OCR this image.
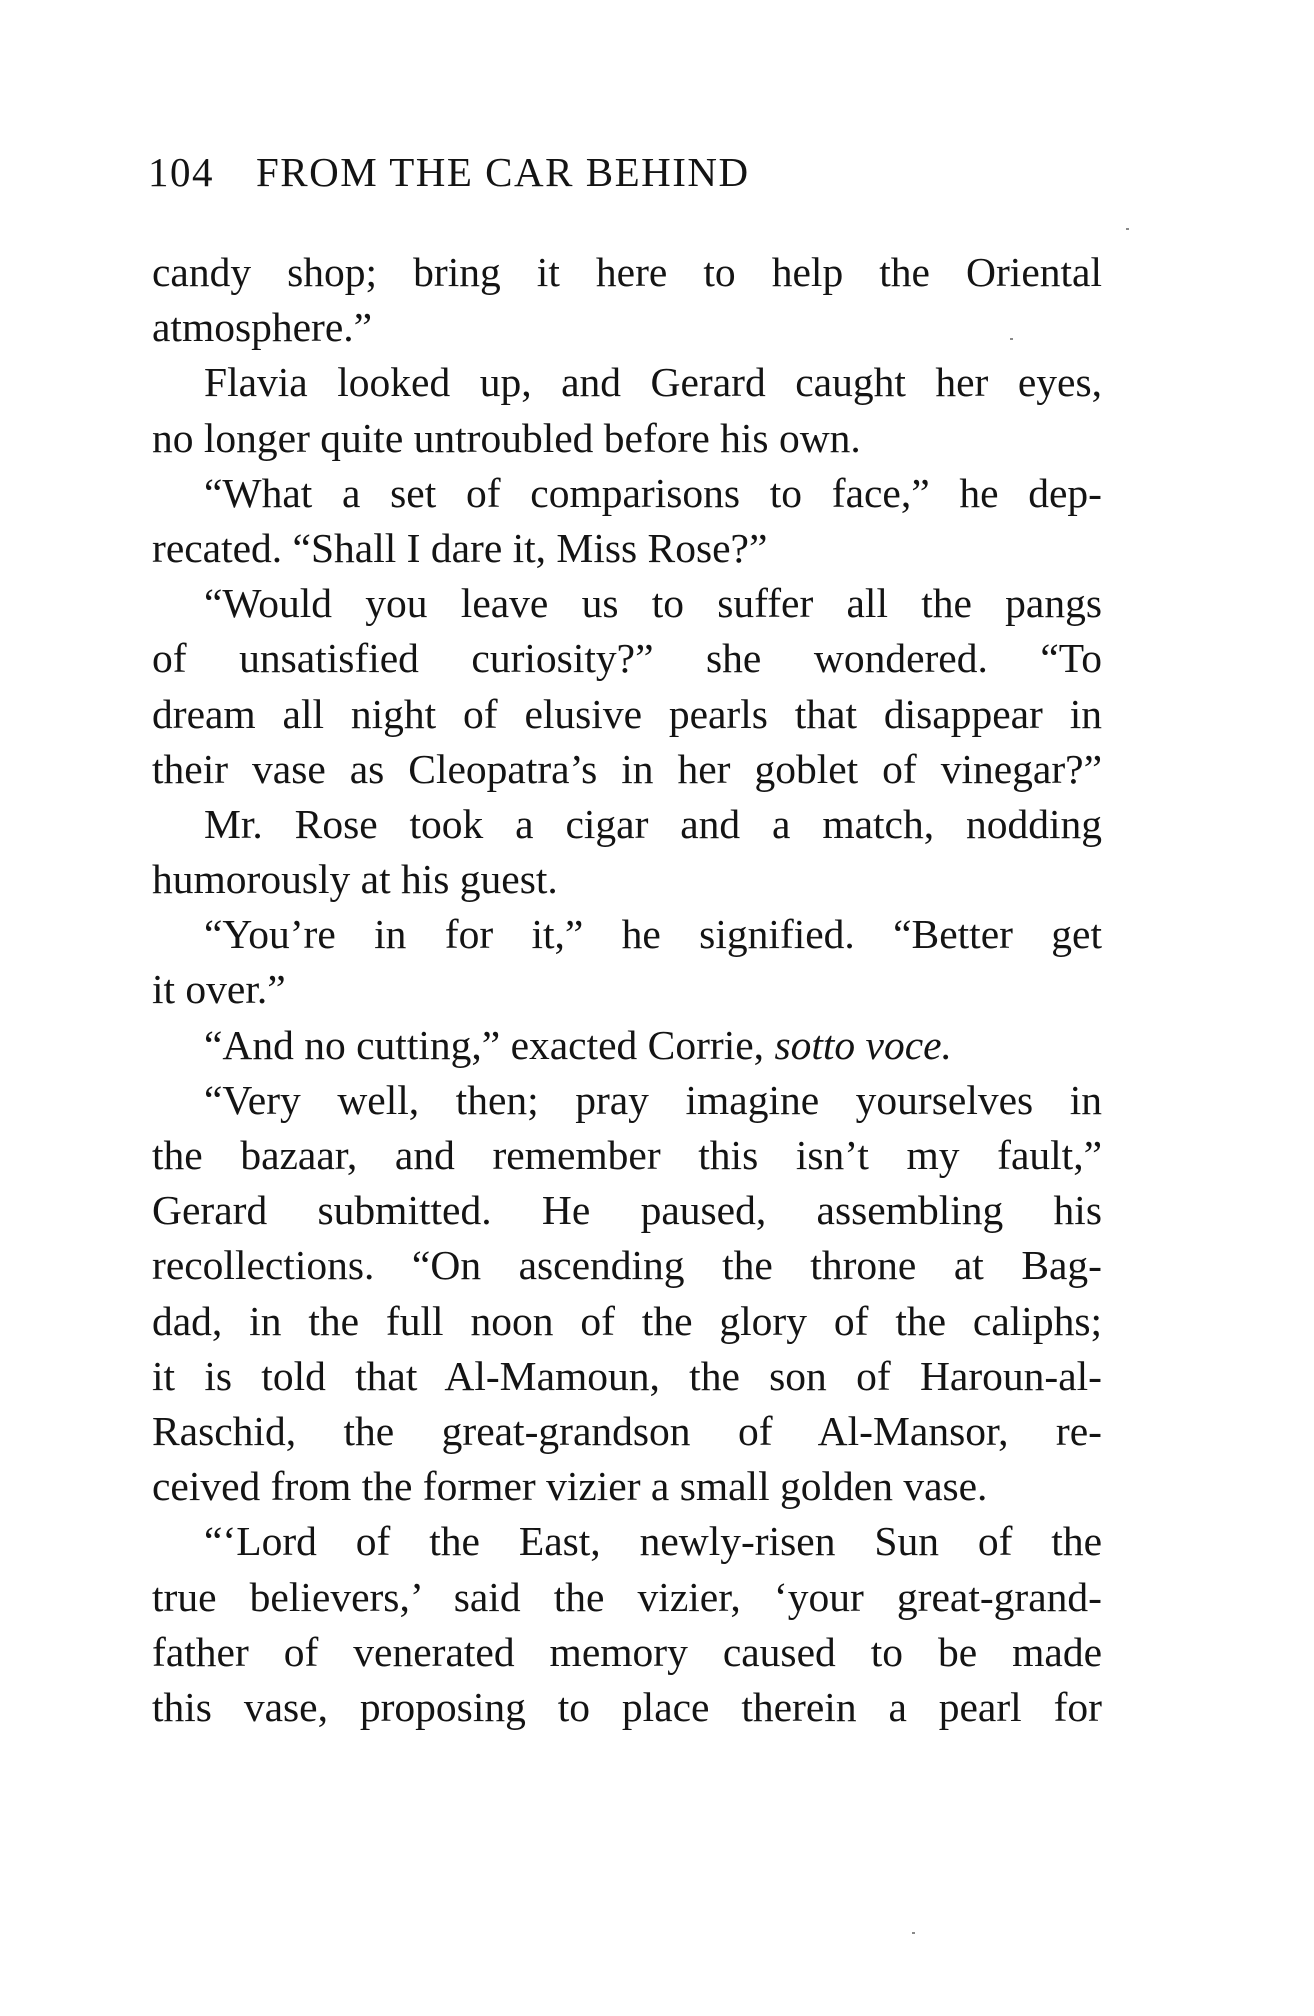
104 FROM THE CAR BEHIND
candy shop; bring it here to help the Oriental
atmosphere.”
Flavia looked up, and Gerard caught her eyes,
no longer quite untroubled before his own.
“What a set of comparisons to face,” he dep-
recated. “Shall I dare it, Miss Rose?”
“Would you leave us to suffer all the pangs
of unsatisfied curiosity?” she wondered. “To
dream all night of elusive pearls that disappear in
their vase as Cleopatra’s in her goblet of vinegar?”
Mr. Rose took a cigar and a match, nodding
humorously at his guest.
“You’re in for it,” he signified. “Better get
it over.”
“And no cutting,” exacted Corrie, sotto voce.
“Very well, then; pray imagine yourselves in
the bazaar, and remember this isn’t my fault,”
Gerard submitted. He paused, assembling his
recollections. “On ascending the throne at Bag-
dad, in the full noon of the glory of the caliphs;
it is told that Al-Mamoun, the son of Haroun-al-
Raschid, the great-grandson of Al-Mansor, re-
ceived from the former vizier a small golden vase.
“‘Lord of the East, newly-risen Sun of the
true believers,’ said the vizier, ‘your great-grand-
father of venerated memory caused to be made
this vase, proposing to place therein a pearl for
